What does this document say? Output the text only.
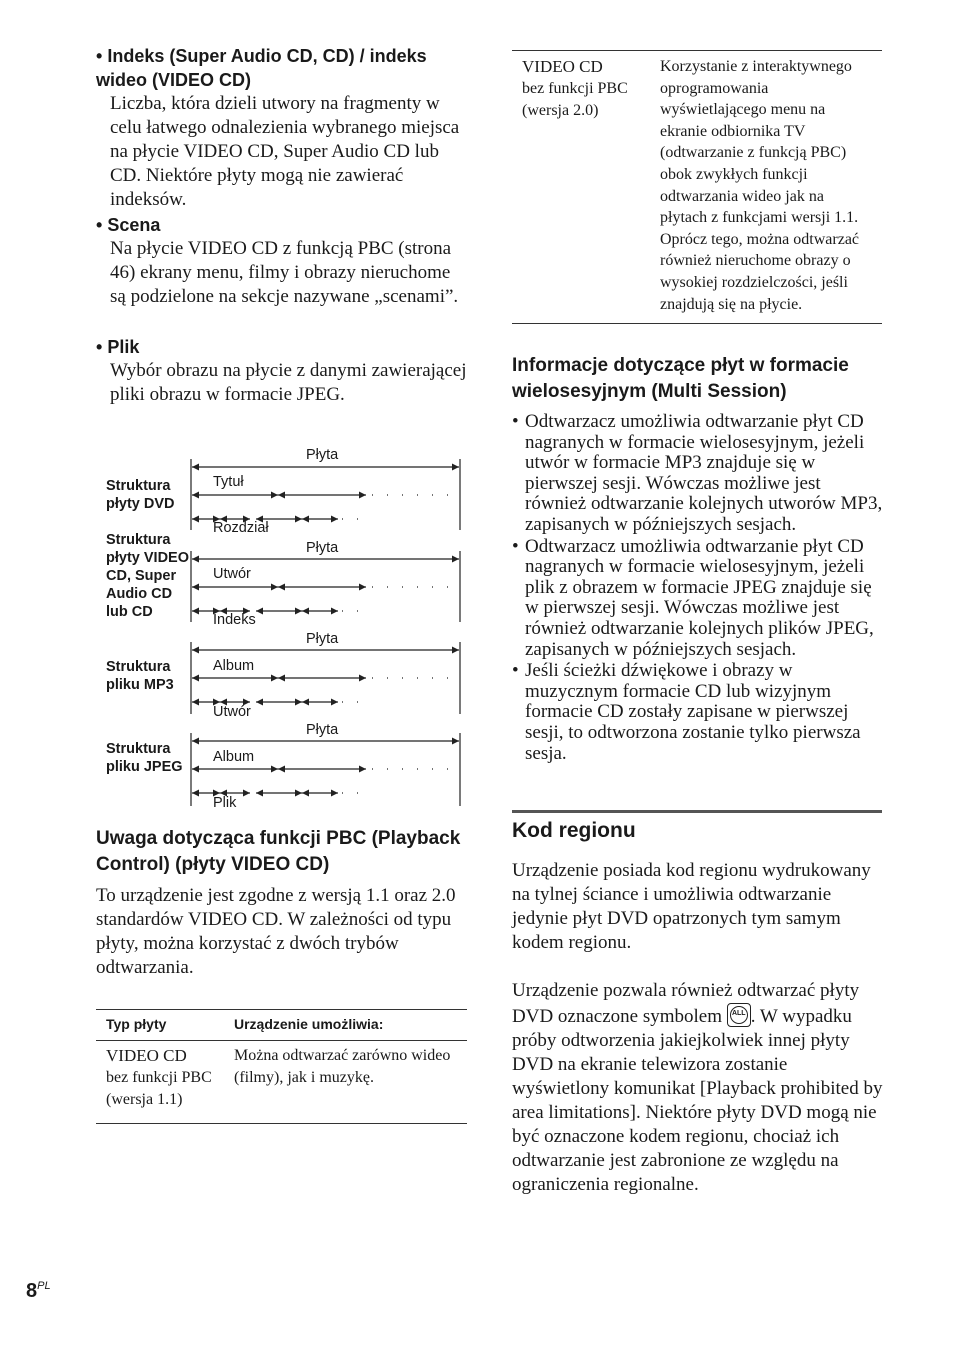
• Indeks (Super Audio CD, CD) / indeks wideo (VIDEO CD)
Liczba, która dzieli utwory na fragmenty w celu łatwego odnalezienia wybranego miejsca na płycie VIDEO CD, Super Audio CD lub CD. Niektóre płyty mogą nie zawierać indeksów.
• Scena
Na płycie VIDEO CD z funkcją PBC (strona 46) ekrany menu, filmy i obrazy nieruchome są podzielone na sekcje nazywane „scenami”.
• Plik
Wybór obrazu na płycie z danymi zawierającej pliki obrazu w formacie JPEG.
Struktura płyty DVD
Płyta
Tytuł
Rozdział
Struktura płyty VIDEO CD, Super Audio CD lub CD
Płyta
Utwór
Indeks
Struktura pliku MP3
Płyta
Album
Utwór
Struktura pliku JPEG
Płyta
Album
Plik
Uwaga dotycząca funkcji PBC (Playback Control) (płyty VIDEO CD)
To urządzenie jest zgodne z wersją 1.1 oraz 2.0 standardów VIDEO CD. W zależności od typu płyty, można korzystać z dwóch trybów odtwarzania.
Typ płyty	Urządzenie umożliwia:

VIDEO CD
bez funkcji PBC (wersja 1.1)	Można odtwarzać zarówno wideo (filmy), jak i muzykę.
VIDEO CD
bez funkcji PBC (wersja 2.0)
	Korzystanie z interaktywnego oprogramowania wyświetlającego menu na ekranie odbiornika TV (odtwarzanie z funkcją PBC) obok zwykłych funkcji odtwarzania wideo jak na płytach z funkcjami wersji 1.1. Oprócz tego, można odtwarzać również nieruchome obrazy o wysokiej rozdzielczości, jeśli znajdują się na płycie.
Informacje dotyczące płyt w formacie wielosesyjnym (Multi Session)
• Odtwarzacz umożliwia odtwarzanie płyt CD nagranych w formacie wielosesyjnym, jeżeli utwór w formacie MP3 znajduje się w pierwszej sesji. Wówczas możliwe jest również odtwarzanie kolejnych utworów MP3, zapisanych w późniejszych sesjach.
• Odtwarzacz umożliwia odtwarzanie płyt CD nagranych w formacie wielosesyjnym, jeżeli plik z obrazem w formacie JPEG znajduje się w pierwszej sesji. Wówczas możliwe jest również odtwarzanie kolejnych plików JPEG, zapisanych w późniejszych sesjach.
• Jeśli ścieżki dźwiękowe i obrazy w muzycznym formacie CD lub wizyjnym formacie CD zostały zapisane w pierwszej sesji, to odtworzona zostanie tylko pierwsza sesja.
Kod regionu
Urządzenie posiada kod regionu wydrukowany na tylnej ściance i umożliwia odtwarzanie jedynie płyt DVD opatrzonych tym samym kodem regionu.
Urządzenie pozwala również odtwarzać płyty DVD oznaczone symbolem	ALL . W wypadku próby odtworzenia jakiejkolwiek innej płyty DVD na ekranie telewizora zostanie wyświetlony komunikat [Playback prohibited by area limitations]. Niektóre płyty DVD mogą nie być oznaczone kodem regionu, chociaż ich odtwarzanie jest zabronione ze względu na ograniczenia regionalne.
$8^{PL}$
